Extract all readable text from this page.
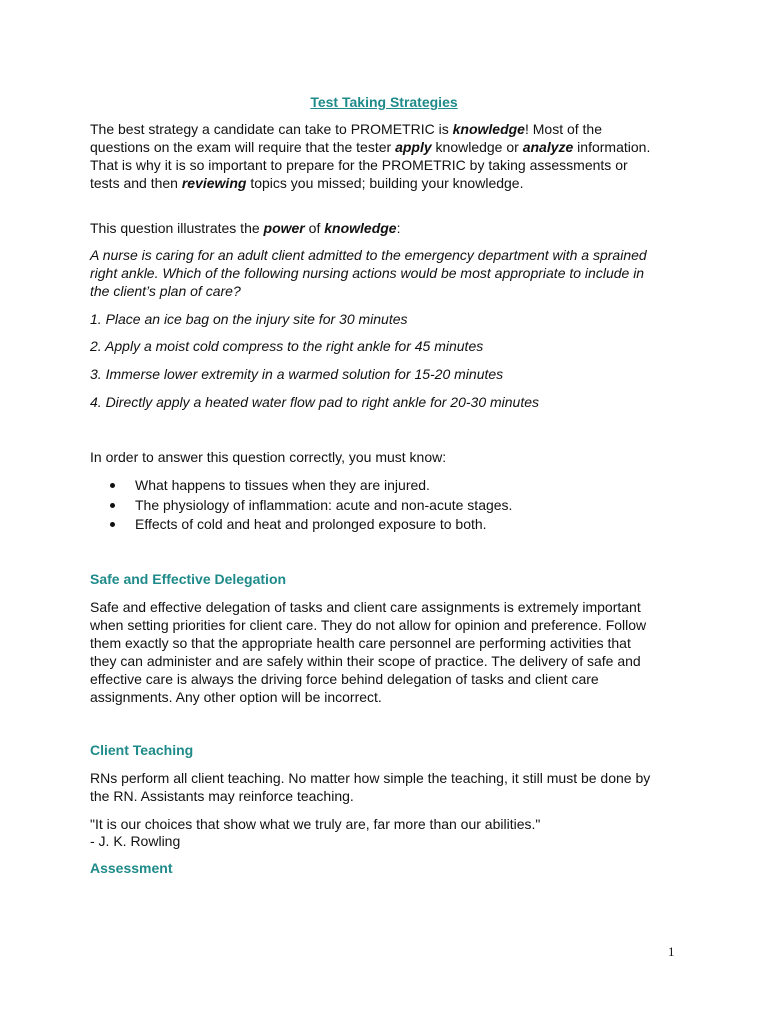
Test Taking Strategies

The best strategy a candidate can take to PROMETRIC is knowledge! Most of the questions on the exam will require that the tester apply knowledge or analyze information. That is why it is so important to prepare for the PROMETRIC by taking assessments or tests and then reviewing topics you missed; building your knowledge.

This question illustrates the power of knowledge:

A nurse is caring for an adult client admitted to the emergency department with a sprained right ankle. Which of the following nursing actions would be most appropriate to include in the client’s plan of care?

1. Place an ice bag on the injury site for 30 minutes

2. Apply a moist cold compress to the right ankle for 45 minutes

3. Immerse lower extremity in a warmed solution for 15-20 minutes

4. Directly apply a heated water flow pad to right ankle for 20-30 minutes

In order to answer this question correctly, you must know:

What happens to tissues when they are injured.
The physiology of inflammation: acute and non-acute stages.
Effects of cold and heat and prolonged exposure to both.

Safe and Effective Delegation

Safe and effective delegation of tasks and client care assignments is extremely important when setting priorities for client care. They do not allow for opinion and preference. Follow them exactly so that the appropriate health care personnel are performing activities that they can administer and are safely within their scope of practice. The delivery of safe and effective care is always the driving force behind delegation of tasks and client care assignments. Any other option will be incorrect.

Client Teaching

RNs perform all client teaching. No matter how simple the teaching, it still must be done by the RN. Assistants may reinforce teaching.

"It is our choices that show what we truly are, far more than our abilities."

- J. K. Rowling

Assessment

1
